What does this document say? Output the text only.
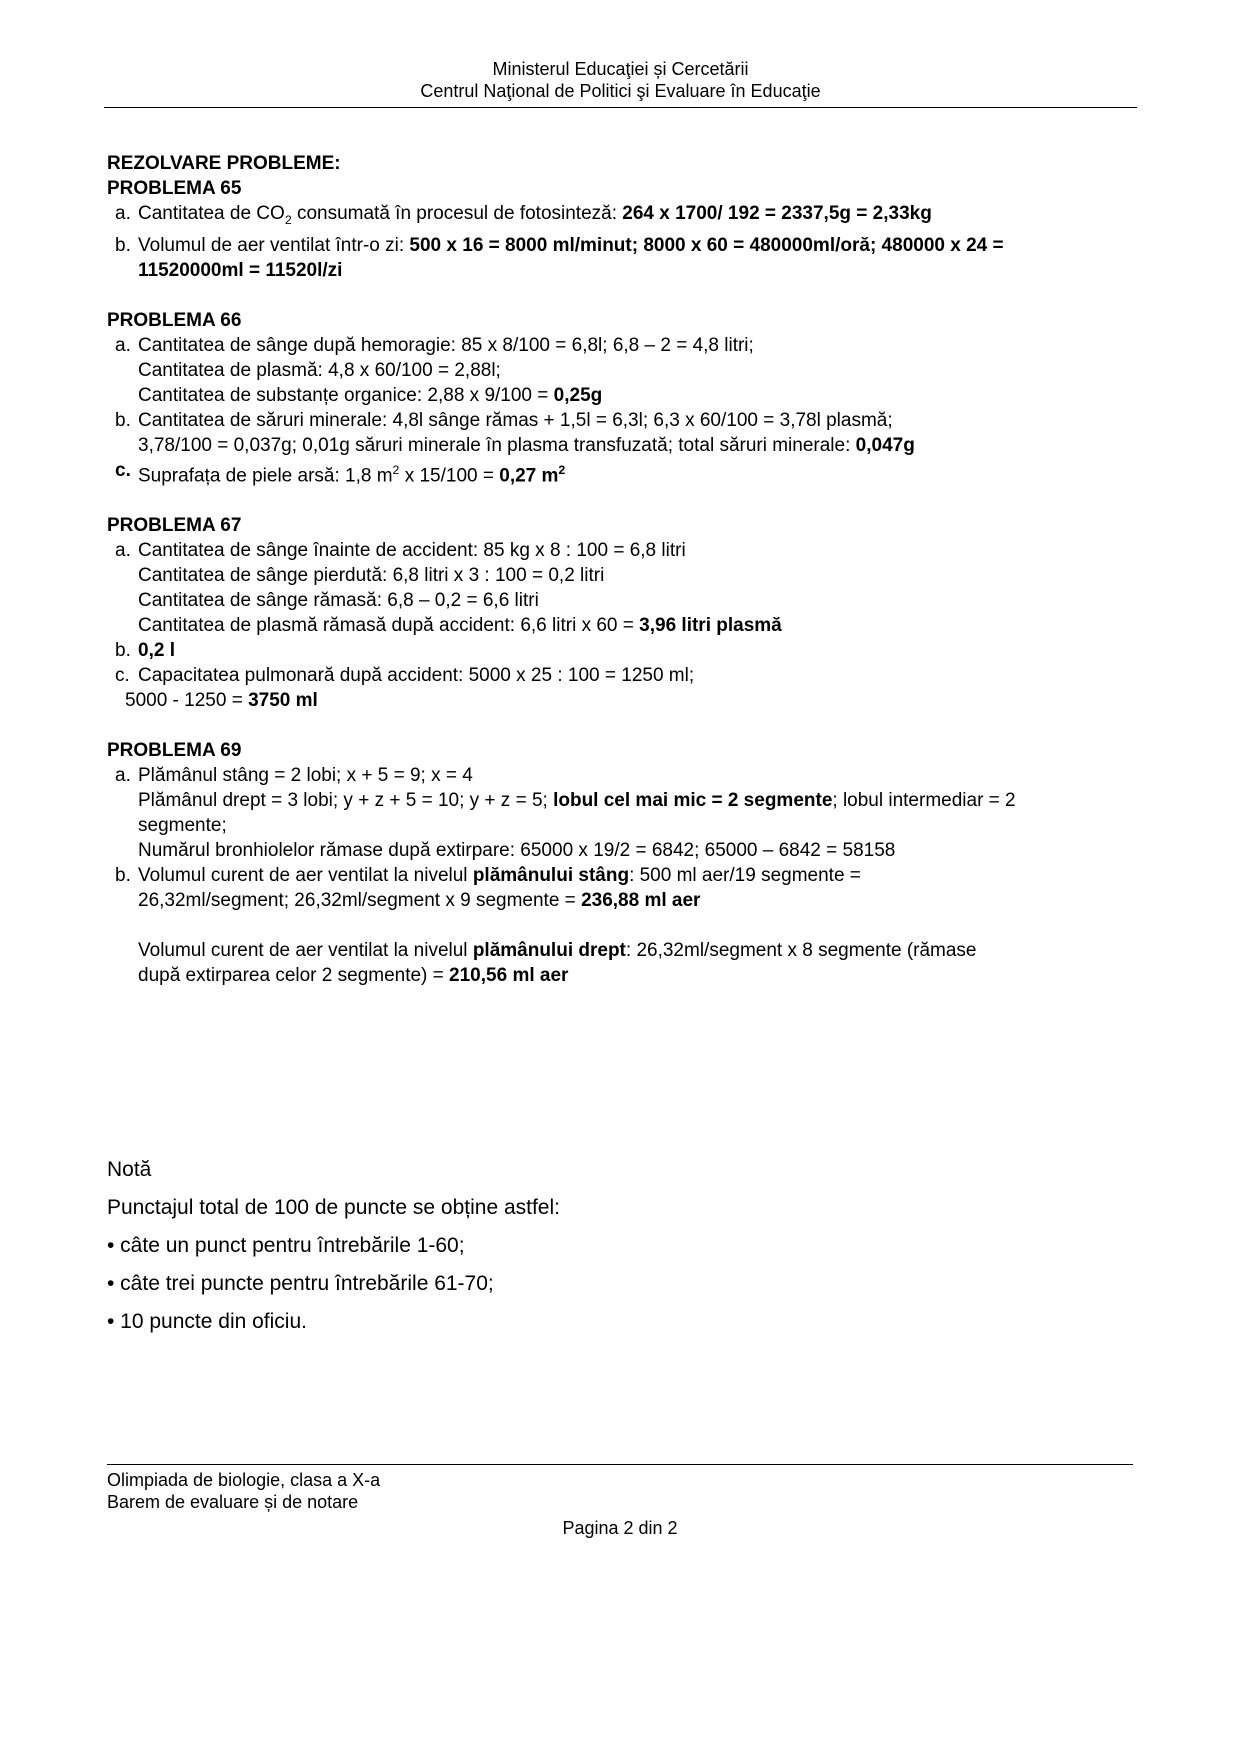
Ministerul Educaţiei și Cercetării
Centrul Naţional de Politici şi Evaluare în Educaţie
REZOLVARE PROBLEME:
PROBLEMA 65
a. Cantitatea de $CO_2$ consumată în procesul de fotosinteză: 264 x 1700/ 192 = 2337,5g = 2,33kg
b. Volumul de aer ventilat într-o zi: 500 x 16 = 8000 ml/minut; 8000 x 60 = 480000ml/oră; 480000 x 24 =
11520000ml = 11520l/zi
PROBLEMA 66
a. Cantitatea de sânge după hemoragie: 85 x 8/100 = 6,8l; 6,8 – 2 = 4,8 litri;
Cantitatea de plasmă: 4,8 x 60/100 = 2,88l;
Cantitatea de substanțe organice: 2,88 x 9/100 = 0,25g
b. Cantitatea de săruri minerale: 4,8l sânge rămas + 1,5l = 6,3l; 6,3 x 60/100 = 3,78l plasmă;
3,78/100 = 0,037g; 0,01g săruri minerale în plasma transfuzată; total săruri minerale: 0,047g
c. Suprafața de piele arsă: 1,8 $m^2$ x 15/100 = 0,27 $m^2$
PROBLEMA 67
a. Cantitatea de sânge înainte de accident: 85 kg x 8 : 100 = 6,8 litri
Cantitatea de sânge pierdută: 6,8 litri x 3 : 100 = 0,2 litri
Cantitatea de sânge rămasă: 6,8 – 0,2 = 6,6 litri
Cantitatea de plasmă rămasă după accident: 6,6 litri x 60 = 3,96 litri plasmă
b. 0,2 l
c. Capacitatea pulmonară după accident: 5000 x 25 : 100 = 1250 ml;
5000 - 1250 = 3750 ml
PROBLEMA 69
a. Plămânul stâng = 2 lobi; x + 5 = 9; x = 4
Plămânul drept = 3 lobi; y + z + 5 = 10; y + z = 5; lobul cel mai mic = 2 segmente; lobul intermediar = 2
segmente;
Numărul bronhiolelor rămase după extirpare: 65000 x 19/2 = 6842; 65000 – 6842 = 58158
b. Volumul curent de aer ventilat la nivelul plămânului stâng: 500 ml aer/19 segmente =
26,32ml/segment; 26,32ml/segment x 9 segmente = 236,88 ml aer
Volumul curent de aer ventilat la nivelul plămânului drept: 26,32ml/segment x 8 segmente (rămase
după extirparea celor 2 segmente) = 210,56 ml aer

Notă

Punctajul total de 100 de puncte se obține astfel:

• câte un punct pentru întrebările 1-60;

• câte trei puncte pentru întrebările 61-70;

• 10 puncte din oficiu.

Olimpiada de biologie, clasa a X-a
Barem de evaluare și de notare
Pagina 2 din 2
